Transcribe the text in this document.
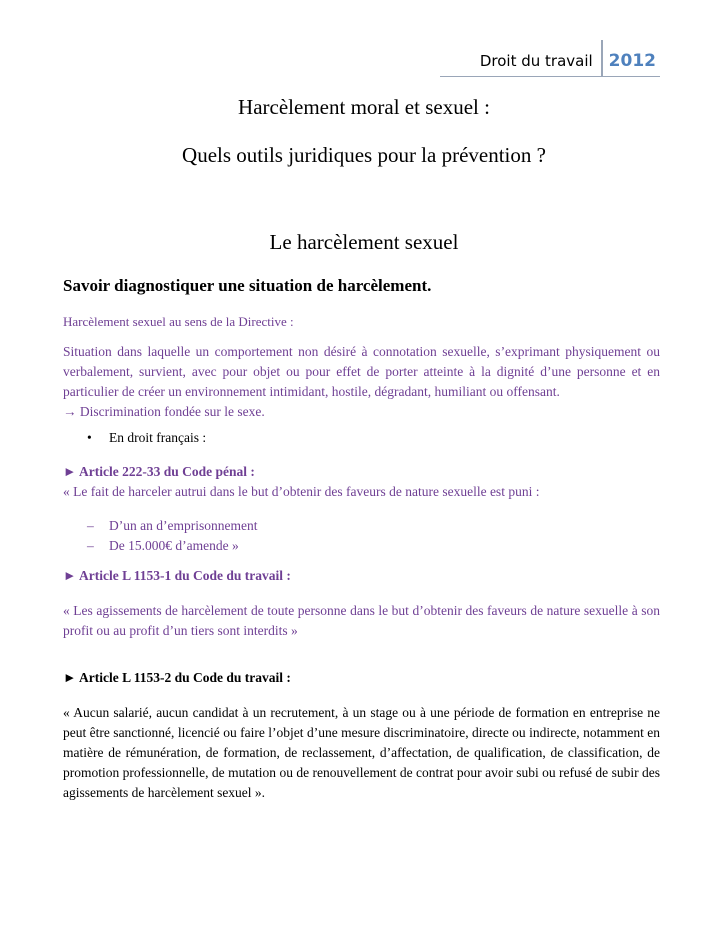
Droit du travail 2012
Harcèlement moral et sexuel :
Quels outils juridiques pour la prévention ?
Le harcèlement sexuel
Savoir diagnostiquer une situation de harcèlement.
Harcèlement sexuel au sens de la Directive :
Situation dans laquelle un comportement non désiré à connotation sexuelle, s’exprimant physiquement ou verbalement, survient, avec pour objet ou pour effet de porter atteinte à la dignité d’une personne et en particulier de créer un environnement intimidant, hostile, dégradant, humiliant ou offensant.
→ Discrimination fondée sur le sexe.
•	En droit français :
► Article 222-33 du Code pénal :
« Le fait de harceler autrui dans le but d’obtenir des faveurs de nature sexuelle est puni :
– D’un an d’emprisonnement
– De 15.000€ d’amende »
► Article L 1153-1 du Code du travail :
« Les agissements de harcèlement de toute personne dans le but d’obtenir des faveurs de nature sexuelle à son profit ou au profit d’un tiers sont interdits »
► Article L 1153-2 du Code du travail :
« Aucun salarié, aucun candidat à un recrutement, à un stage ou à une période de formation en entreprise ne peut être sanctionné, licencié ou faire l’objet d’une mesure discriminatoire, directe ou indirecte, notamment en matière de rémunération, de formation, de reclassement, d’affectation, de qualification, de classification, de promotion professionnelle, de mutation ou de renouvellement de contrat pour avoir subi ou refusé de subir des agissements de harcèlement sexuel ».
